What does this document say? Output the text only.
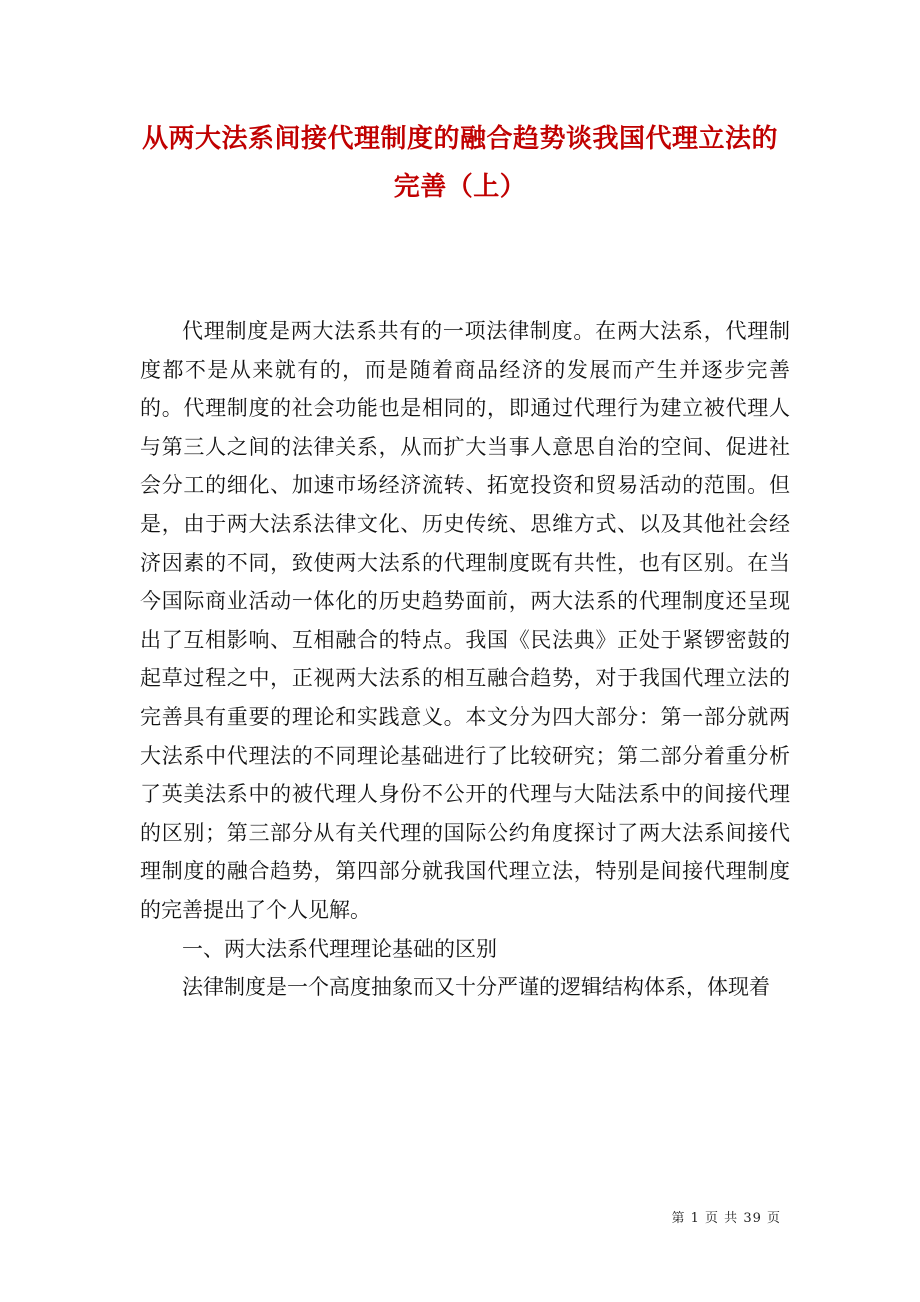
从两大法系间接代理制度的融合趋势谈我国代理立法的完善（上）

代理制度是两大法系共有的一项法律制度。在两大法系，代理制度都不是从来就有的，而是随着商品经济的发展而产生并逐步完善的。代理制度的社会功能也是相同的，即通过代理行为建立被代理人与第三人之间的法律关系，从而扩大当事人意思自治的空间、促进社会分工的细化、加速市场经济流转、拓宽投资和贸易活动的范围。但是，由于两大法系法律文化、历史传统、思维方式、以及其他社会经济因素的不同，致使两大法系的代理制度既有共性，也有区别。在当今国际商业活动一体化的历史趋势面前，两大法系的代理制度还呈现出了互相影响、互相融合的特点。我国《民法典》正处于紧锣密鼓的起草过程之中，正视两大法系的相互融合趋势，对于我国代理立法的完善具有重要的理论和实践意义。本文分为四大部分：第一部分就两大法系中代理法的不同理论基础进行了比较研究；第二部分着重分析了英美法系中的被代理人身份不公开的代理与大陆法系中的间接代理的区别；第三部分从有关代理的国际公约角度探讨了两大法系间接代理制度的融合趋势，第四部分就我国代理立法，特别是间接代理制度的完善提出了个人见解。

一、两大法系代理理论基础的区别

法律制度是一个高度抽象而又十分严谨的逻辑结构体系，体现着

第 1 页 共 39 页
